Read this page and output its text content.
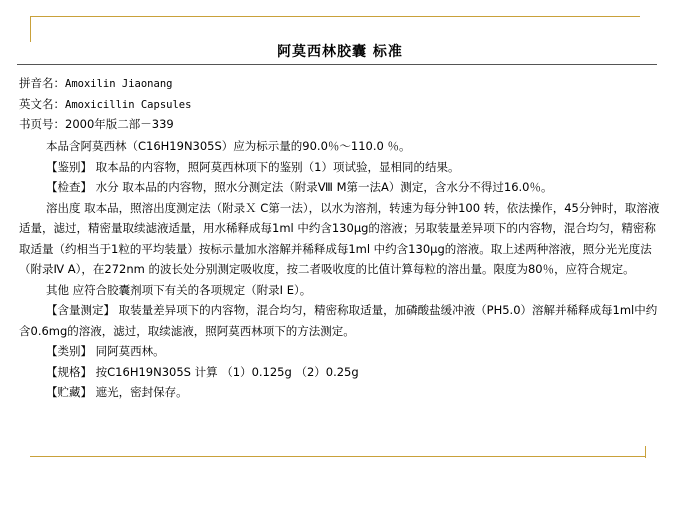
阿莫西林胶囊 标准
拼音名：Amoxilin Jiaonang
英文名：Amoxicillin Capsules
书页号：2000年版二部－339

本品含阿莫西林（C16H19N305S）应为标示量的90.0％～110.0 ％。

【鉴别】 取本品的内容物，照阿莫西林项下的鉴别（1）项试验，显相同的结果。

【检查】 水分 取本品的内容物，照水分测定法（附录Ⅷ M第一法A）测定，含水分不得过16.0％。

溶出度 取本品，照溶出度测定法（附录Ｘ C第一法），以水为溶剂，转速为每分钟100 转，依法操作，45分钟时，取溶液适量，滤过，精密量取续滤液适量，用水稀释成每1ml 中约含130μg的溶液；另取装量差异项下的内容物，混合均匀，精密称取适量（约相当于1粒的平均装量）按标示量加水溶解并稀释成每1ml 中约含130μg的溶液。取上述两种溶液，照分光光度法（附录Ⅳ A），在272nm 的波长处分别测定吸收度，按二者吸收度的比值计算每粒的溶出量。限度为80％，应符合规定。

其他 应符合胶囊剂项下有关的各项规定（附录Ⅰ E）。

【含量测定】 取装量差异项下的内容物，混合均匀，精密称取适量，加磷酸盐缓冲液（PH5.0）溶解并稀释成每1ml中约含0.6mg的溶液，滤过，取续滤液，照阿莫西林项下的方法测定。

【类别】 同阿莫西林。

【规格】 按C16H19N305S 计算 （1）0.125g （2）0.25g

【贮藏】 遮光，密封保存。
